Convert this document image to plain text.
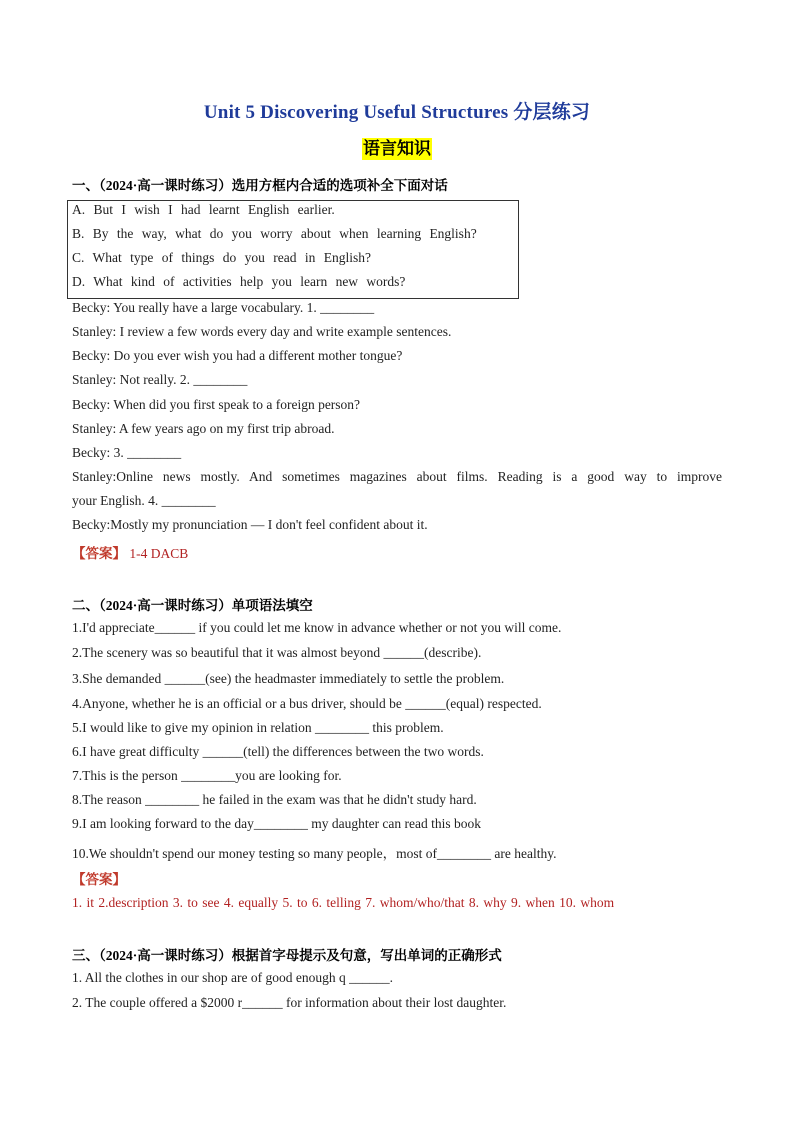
Unit 5 Discovering Useful Structures 分层练习
语言知识
一、（2024·高一课时练习）选用方框内合适的选项补全下面对话
A. But I wish I had learnt English earlier.
B. By the way, what do you worry about when learning English?
C. What type of things do you read in English?
D. What kind of activities help you learn new words?
Becky: You really have a large vocabulary. 1. ________
Stanley: I review a few words every day and write example sentences.
Becky: Do you ever wish you had a different mother tongue?
Stanley: Not really. 2. ________
Becky: When did you first speak to a foreign person?
Stanley: A few years ago on my first trip abroad.
Becky: 3. ________
Stanley:Online news mostly. And sometimes magazines about films. Reading is a good way to improve
your English. 4. ________
Becky:Mostly my pronunciation — I don't feel confident about it.
【答案】 1-4 DACB
二、（2024·高一课时练习）单项语法填空
1.I'd appreciate______ if you could let me know in advance whether or not you will come.
2.The scenery was so beautiful that it was almost beyond ______(describe).
3.She demanded ______(see) the headmaster immediately to settle the problem.
4.Anyone, whether he is an official or a bus driver, should be ______(equal) respected.
5.I would like to give my opinion in relation ________ this problem.
6.I have great difficulty ______(tell) the differences between the two words.
7.This is the person ________you are looking for.
8.The reason ________ he failed in the exam was that he didn't study hard.
9.I am looking forward to the day________ my daughter can read this book
10.We shouldn't spend our money testing so many people，most of________ are healthy.
【答案】
1. it 2.description 3. to see 4. equally 5. to 6. telling 7. whom/who/that 8. why 9. when 10. whom
三、（2024·高一课时练习）根据首字母提示及句意，写出单词的正确形式
1. All the clothes in our shop are of good enough q ______.
2. The couple offered a $2000 r______ for information about their lost daughter.
